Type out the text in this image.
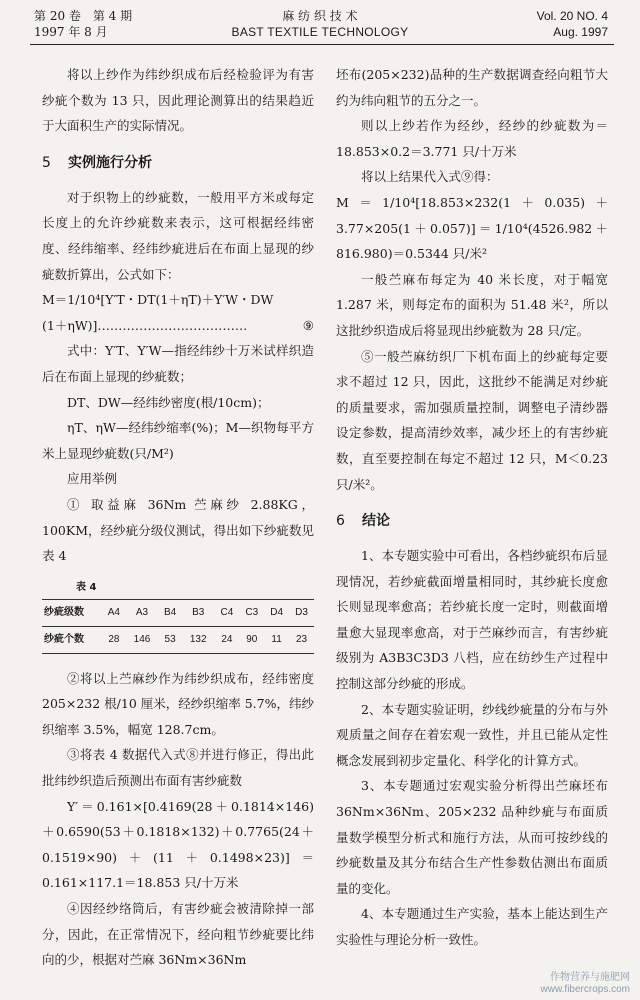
第 20 卷　第 4 期
1997 年 8 月
麻 纺 织 技 术
BAST TEXTILE TECHNOLOGY
Vol. 20 NO. 4
Aug. 1997

将以上纱作为纬纱织成布后经检验评为有害纱疵个数为 13 只，因此理论测算出的结果趋近于大面积生产的实际情况。

5 实例施行分析

对于织物上的纱疵数，一般用平方米或每定长度上的允许纱疵数来表示，这可根据经纬密度、经纬缩率、经纬纱疵进后在布面上显现的纱疵数折算出，公式如下：

M＝1/10⁴[Y′T・DT(1＋ηT)＋Y′W・DW

(1＋ηW)]………………………………	⑨

式中：Y′T、Y′W—指经纬纱十万米试样织造后在布面上显现的纱疵数；

DT、DW—经纬纱密度(根/10cm)；

ηT、ηW—经纬纱缩率(%)；M—织物每平方米上显现纱疵数(只/M²)

应用举例

① 取益麻 36Nm 苎麻纱 2.88KG，100KM，经纱疵分级仪测试，得出如下纱疵数见表 4

表 4
纱疵级数	A4	A3	B4	B3	C4	C3	D4	D3
纱疵个数	28	146	53	132	24	90	11	23

②将以上苎麻纱作为纬纱织成布，经纬密度 205×232 根/10 厘米，经纱织缩率 5.7%，纬纱织缩率 3.5%，幅宽 128.7cm。

③将表 4 数据代入式⑧并进行修正，得出此批纬纱织造后预测出布面有害纱疵数

Y′＝0.161×[0.4169(28＋0.1814×146)＋0.6590(53＋0.1818×132)＋0.7765(24＋0.1519×90)＋(11＋0.1498×23)]＝0.161×117.1＝18.853 只/十万米

④因经纱络筒后，有害纱疵会被清除掉一部分，因此，在正常情况下，经向粗节纱疵要比纬向的少，根据对苎麻 36Nm×36Nm

坯布(205×232)品种的生产数据调查经向粗节大约为纬向粗节的五分之一。

则以上纱若作为经纱，经纱的纱疵数为＝18.853×0.2＝3.771 只/十万米

将以上结果代入式⑨得：

M＝1/10⁴[18.853×232(1＋0.035)＋3.77×205(1＋0.057)]＝1/10⁴(4526.982＋816.980)＝0.5344 只/米²

一般苎麻布每定为 40 米长度，对于幅宽 1.287 米，则每定布的面积为 51.48 米²，所以这批纱织造成后将显现出纱疵数为 28 只/定。

⑤一般苎麻纺织厂下机布面上的纱疵每定要求不超过 12 只，因此，这批纱不能满足对纱疵的质量要求，需加强质量控制，调整电子清纱器设定参数，提高清纱效率，减少坯上的有害纱疵数，直至要控制在每定不超过 12 只，M＜0.23 只/米²。

6 结论

1、本专题实验中可看出，各档纱疵织布后显现情况，若纱疵截面增量相同时，其纱疵长度愈长则显现率愈高；若纱疵长度一定时，则截面增量愈大显现率愈高，对于苎麻纱而言，有害纱疵级别为 A3B3C3D3 八档，应在纺纱生产过程中控制这部分纱疵的形成。

2、本专题实验证明，纱线纱疵量的分布与外观质量之间存在着宏观一致性，并且已能从定性概念发展到初步定量化、科学化的计算方式。

3、本专题通过宏观实验分析得出苎麻坯布 36Nm×36Nm、205×232 品种纱疵与布面质量数学模型分析式和施行方法，从而可按纱线的纱疵数量及其分布结合生产性参数估测出布面质量的变化。

4、本专题通过生产实验，基本上能达到生产实验性与理论分析一致性。

作物营养与施肥网
www.fibercrops.com
